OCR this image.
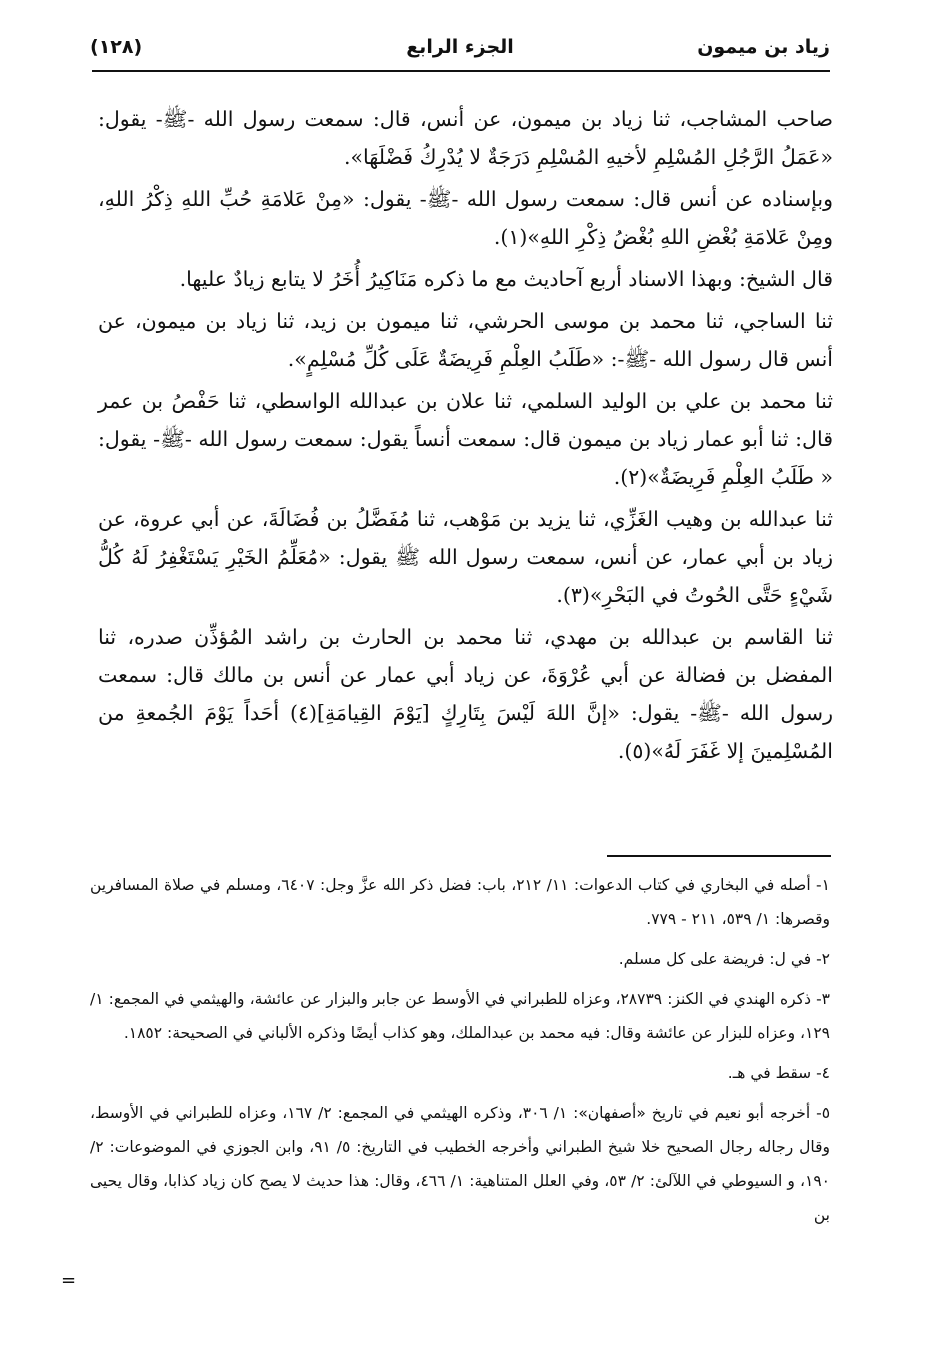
زياد بن ميمون
الجزء الرابع
(١٢٨)

صاحب المشاجب، ثنا زياد بن ميمون، عن أنس، قال: سمعت رسول الله -ﷺ- يقول: «عَمَلُ الرَّجُلِ المُسْلِمِ لأخيهِ المُسْلِمِ دَرَجَةٌ لا يُدْرِكُ فَضْلَهَا».

وبإسناده عن أنس قال: سمعت رسول الله -ﷺ- يقول: «مِنْ عَلامَةِ حُبِّ اللهِ ذِكْرُ اللهِ، ومِنْ عَلامَةِ بُغْضِ اللهِ بُغْضُ ذِكْرِ اللهِ»(١).

قال الشيخ: وبهذا الاسناد أربع آحاديث مع ما ذكره مَنَاكِيرُ أُخَرُ لا يتابع زيادٌ عليها.

ثنا الساجي، ثنا محمد بن موسى الحرشي، ثنا ميمون بن زيد، ثنا زياد بن ميمون، عن أنس قال رسول الله -ﷺ-: «طَلَبُ العِلْمِ فَرِيضَةٌ عَلَى كُلِّ مُسْلِمٍ».

ثنا محمد بن علي بن الوليد السلمي، ثنا علان بن عبدالله الواسطي، ثنا حَفْصُ بن عمر قال: ثنا أبو عمار زياد بن ميمون قال: سمعت أنساً يقول: سمعت رسول الله -ﷺ- يقول: « طَلَبُ العِلْمِ فَرِيضَةٌ»(٢).

ثنا عبدالله بن وهيب الغَزِّي، ثنا يزيد بن مَوْهب، ثنا مُفَضَّلُ بن فُضَالَةَ، عن أبي عروة، عن زياد بن أبي عمار، عن أنس، سمعت رسول الله ﷺ يقول: «مُعَلِّمُ الخَيْرِ يَسْتَغْفِرُ لَهُ كُلُّ شَيْءٍ حَتَّى الحُوتُ في البَحْرِ»(٣).

ثنا القاسم بن عبدالله بن مهدي، ثنا محمد بن الحارث بن راشد المُؤذِّن صدره، ثنا المفضل بن فضالة عن أبي عُرْوَةَ، عن زياد أبي عمار عن أنس بن مالك قال: سمعت رسول الله -ﷺ- يقول: «إنَّ اللهَ لَيْسَ بِتَارِكٍ [يَوْمَ القِيامَةِ](٤) أحَداً يَوْمَ الجُمعةِ من المُسْلِمينَ إلا غَفَرَ لَهُ»(٥).

١- أصله في البخاري في كتاب الدعوات: ١١/ ٢١٢، باب: فضل ذكر الله عزَّ وجل: ٦٤٠٧، ومسلم في صلاة المسافرين وقصرها: ١/ ٥٣٩، ٢١١ - ٧٧٩.

٢- في ل: فريضة على كل مسلم.

٣- ذكره الهندي في الكنز: ٢٨٧٣٩، وعزاه للطبراني في الأوسط عن جابر والبزار عن عائشة، والهيثمي في المجمع: ١/ ١٢٩، وعزاه للبزار عن عائشة وقال: فيه محمد بن عبدالملك، وهو كذاب أيضًا وذكره الألباني في الصحيحة: ١٨٥٢.

٤- سقط في هـ.

٥- أخرجه أبو نعيم في تاريخ «أصفهان»: ١/ ٣٠٦، وذكره الهيثمي في المجمع: ٢/ ١٦٧، وعزاه للطبراني في الأوسط، وقال رجاله رجال الصحيح خلا شيخ الطبراني وأخرجه الخطيب في التاريخ: ٥/ ٩١، وابن الجوزي في الموضوعات: ٢/ ١٩٠، و السيوطي في اللآلئ: ٢/ ٥٣، وفي العلل المتناهية: ١/ ٤٦٦، وقال: هذا حديث لا يصح كان زياد كذابا، وقال يحيى بن

=
